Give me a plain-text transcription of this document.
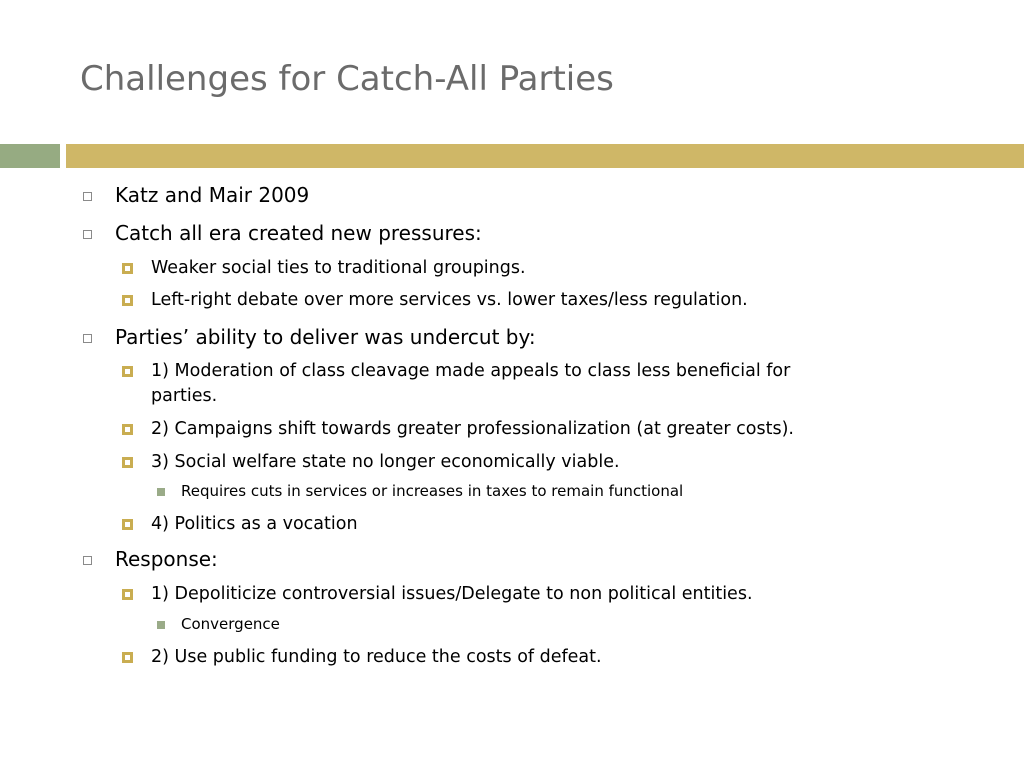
Challenges for Catch-All Parties
Katz and Mair 2009
Catch all era created new pressures:
Weaker social ties to traditional groupings.
Left-right debate over more services vs. lower taxes/less regulation.
Parties’ ability to deliver was undercut by:
1) Moderation of class cleavage made appeals to class less beneficial for
parties.
2) Campaigns shift towards greater professionalization (at greater costs).
3) Social welfare state no longer economically viable.
Requires cuts in services or increases in taxes to remain functional
4) Politics as a vocation
Response:
1) Depoliticize controversial issues/Delegate to non political entities.
Convergence
2) Use public funding to reduce the costs of defeat.
